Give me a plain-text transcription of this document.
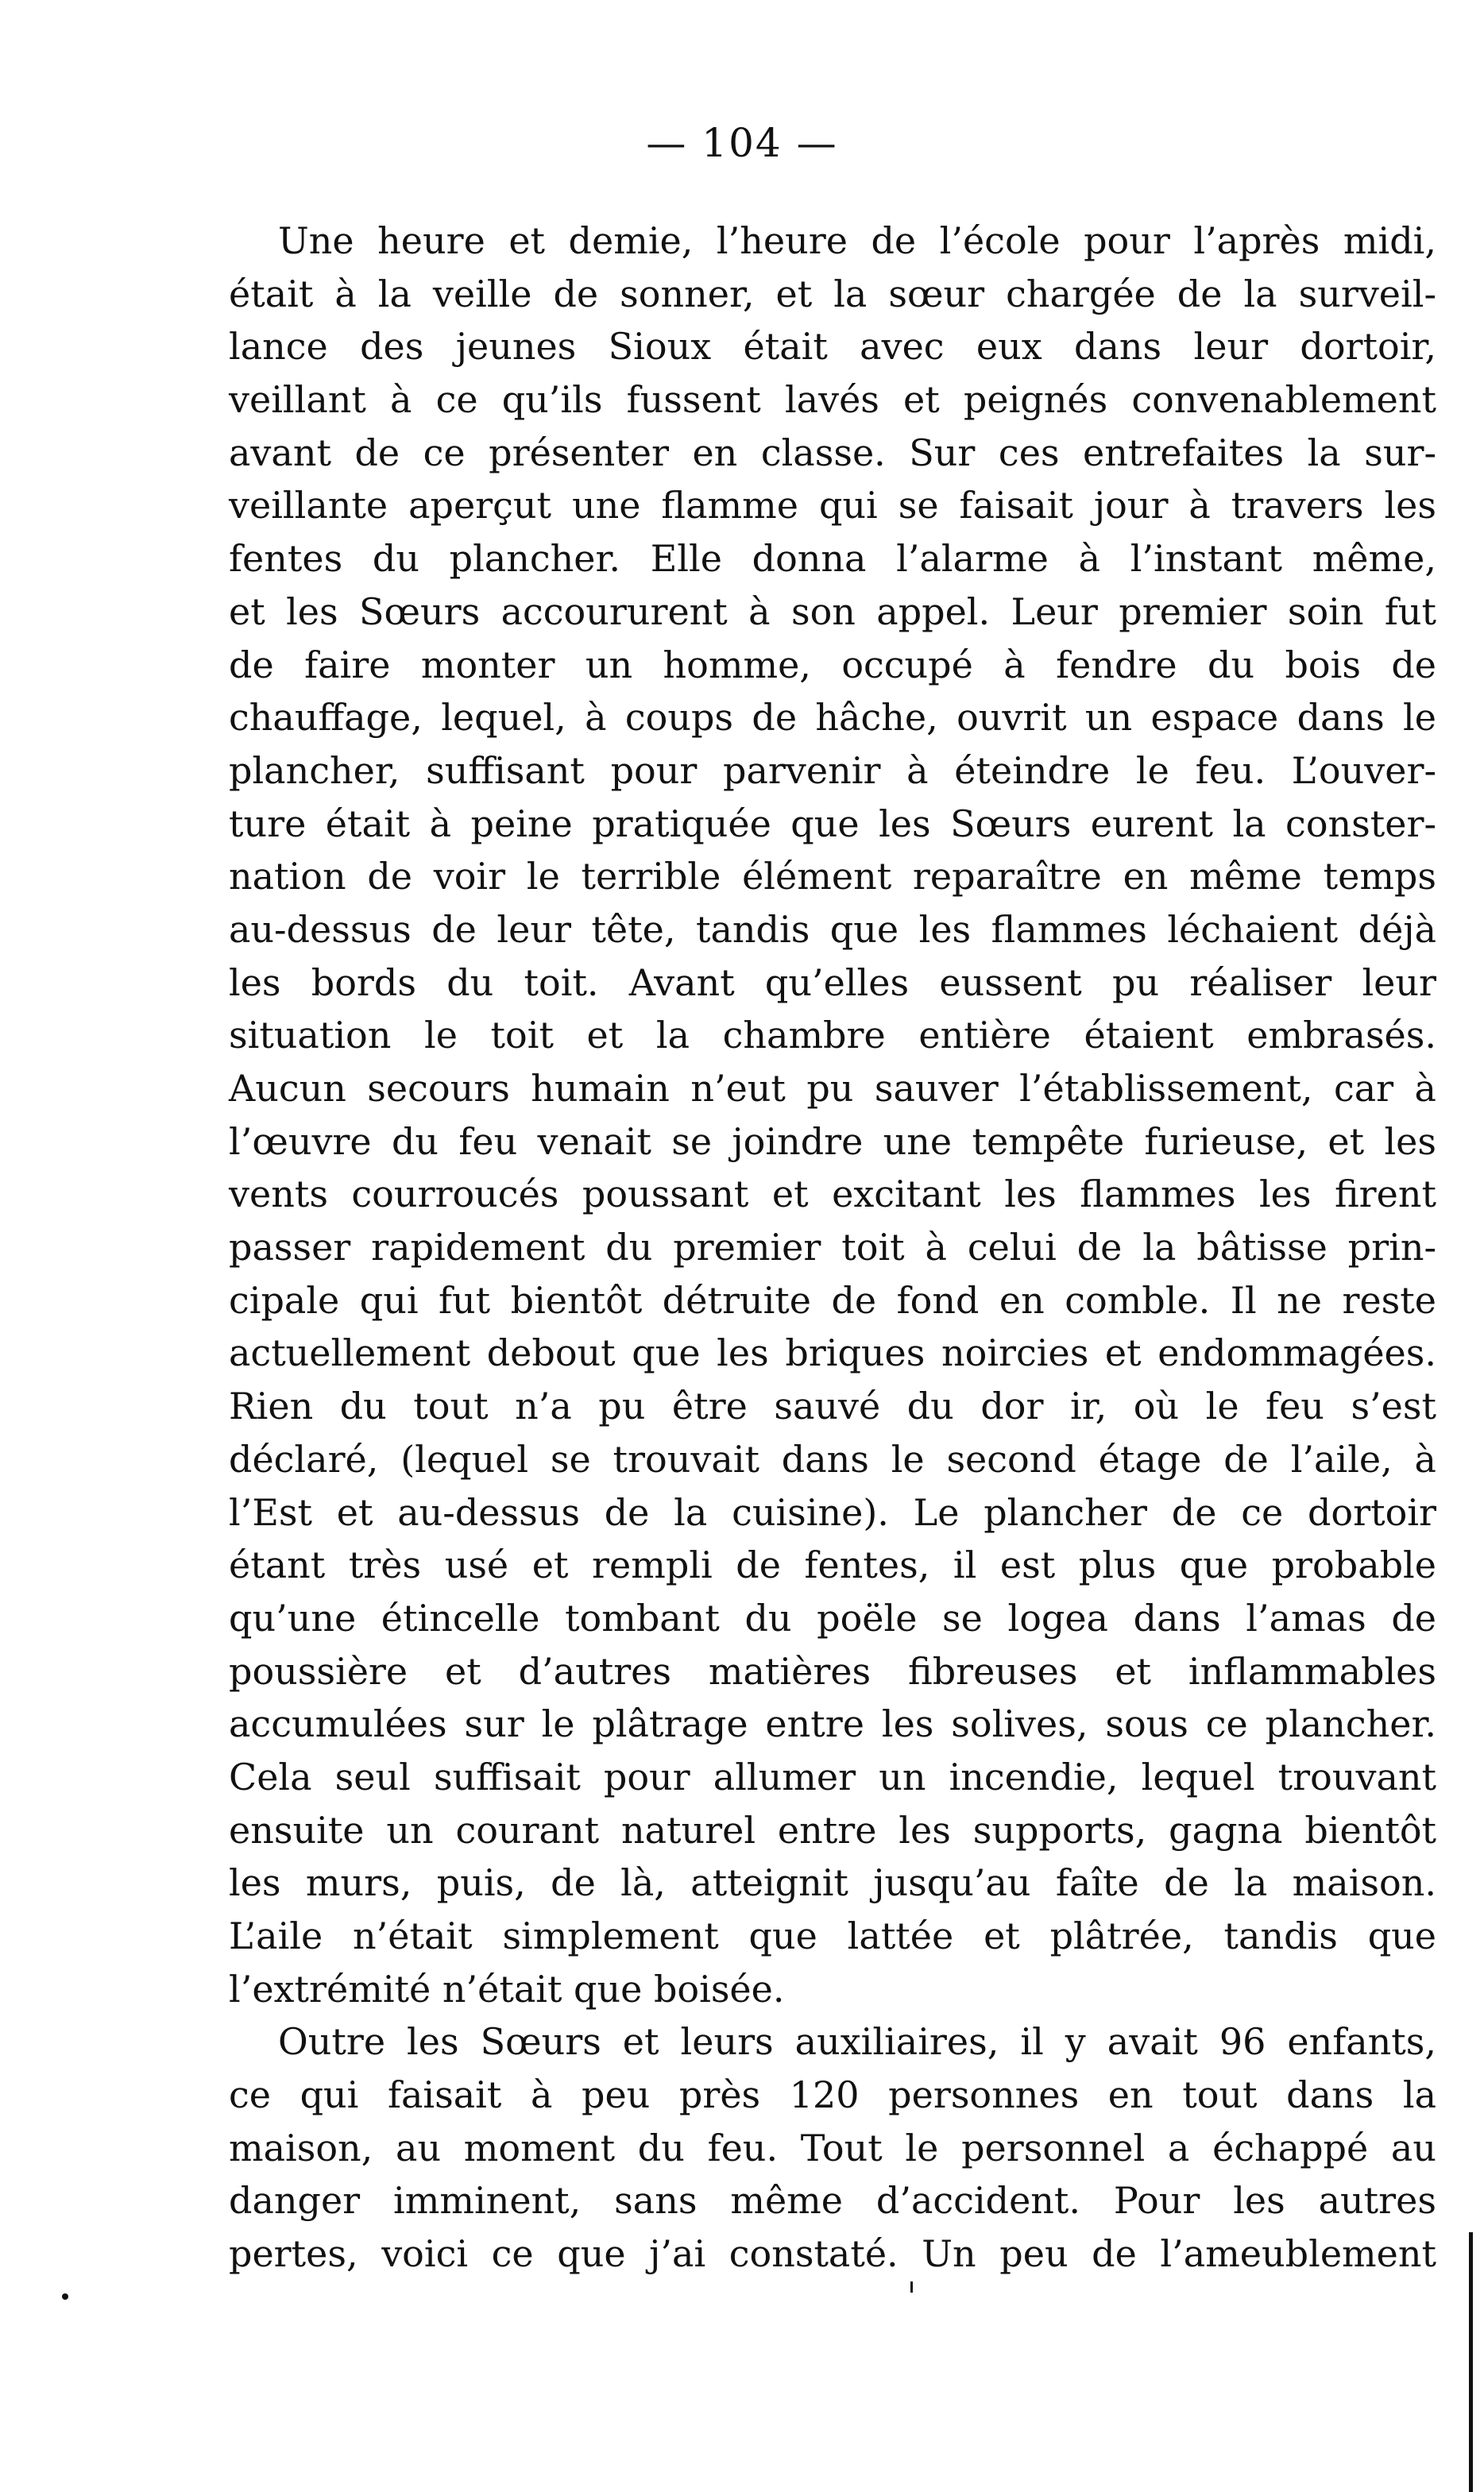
— 104 —
Une heure et demie, l’heure de l’école pour l’après midi,
était à la veille de sonner, et la sœur chargée de la surveil-
lance des jeunes Sioux était avec eux dans leur dortoir,
veillant à ce qu’ils fussent lavés et peignés convenablement
avant de ce présenter en classe. Sur ces entrefaites la sur-
veillante aperçut une flamme qui se faisait jour à travers les
fentes du plancher. Elle donna l’alarme à l’instant même,
et les Sœurs accoururent à son appel. Leur premier soin fut
de faire monter un homme, occupé à fendre du bois de
chauffage, lequel, à coups de hâche, ouvrit un espace dans le
plancher, suffisant pour parvenir à éteindre le feu. L’ouver-
ture était à peine pratiquée que les Sœurs eurent la conster-
nation de voir le terrible élément reparaître en même temps
au-dessus de leur tête, tandis que les flammes léchaient déjà
les bords du toit. Avant qu’elles eussent pu réaliser leur
situation le toit et la chambre entière étaient embrasés.
Aucun secours humain n’eut pu sauver l’établissement, car à
l’œuvre du feu venait se joindre une tempête furieuse, et les
vents courroucés poussant et excitant les flammes les firent
passer rapidement du premier toit à celui de la bâtisse prin-
cipale qui fut bientôt détruite de fond en comble. Il ne reste
actuellement debout que les briques noircies et endommagées.
Rien du tout n’a pu être sauvé du dor ir, où le feu s’est
déclaré, (lequel se trouvait dans le second étage de l’aile, à
l’Est et au-dessus de la cuisine). Le plancher de ce dortoir
étant très usé et rempli de fentes, il est plus que probable
qu’une étincelle tombant du poële se logea dans l’amas de
poussière et d’autres matières fibreuses et inflammables
accumulées sur le plâtrage entre les solives, sous ce plancher.
Cela seul suffisait pour allumer un incendie, lequel trouvant
ensuite un courant naturel entre les supports, gagna bientôt
les murs, puis, de là, atteignit jusqu’au faîte de la maison.
L’aile n’était simplement que lattée et plâtrée, tandis que
l’extrémité n’était que boisée.
Outre les Sœurs et leurs auxiliaires, il y avait 96 enfants,
ce qui faisait à peu près 120 personnes en tout dans la
maison, au moment du feu. Tout le personnel a échappé au
danger imminent, sans même d’accident. Pour les autres
pertes, voici ce que j’ai constaté. Un peu de l’ameublement
